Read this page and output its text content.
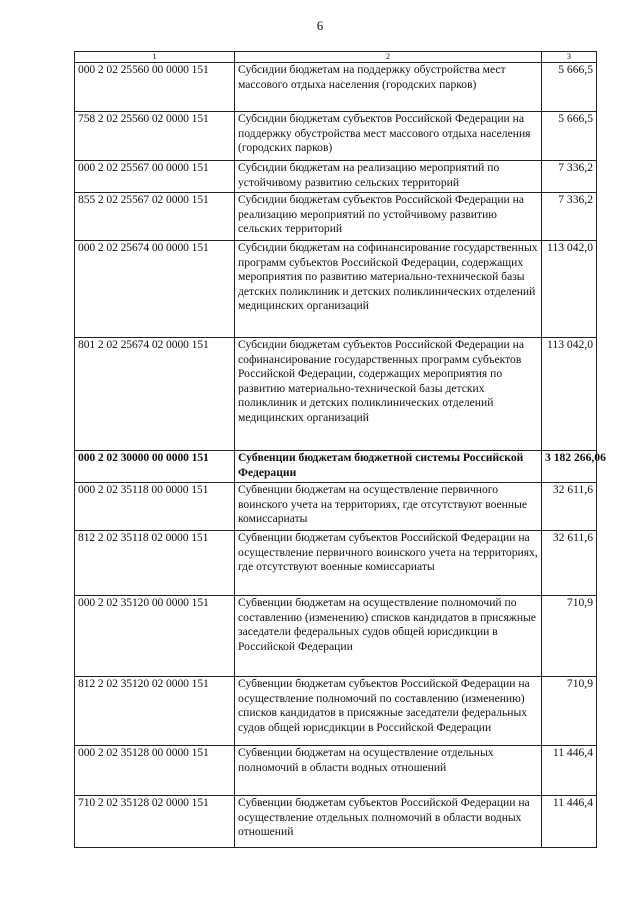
6
1	2	3
000 2 02 25560 00 0000 151	Субсидии бюджетам на поддержку обустройства мест массового отдыха населения (городских парков)	5 666,5
758 2 02 25560 02 0000 151	Субсидии бюджетам субъектов Российской Федерации на поддержку обустройства мест массового отдыха населения (городских парков)	5 666,5
000 2 02 25567 00 0000 151	Субсидии бюджетам на реализацию мероприятий по устойчивому развитию сельских территорий	7 336,2
855 2 02 25567 02 0000 151	Субсидии бюджетам субъектов Российской Федерации на реализацию мероприятий по устойчивому развитию сельских территорий	7 336,2
000 2 02 25674 00 0000 151	Субсидии бюджетам на софинансирование государственных программ субъектов Российской Федерации, содержащих мероприятия по развитию материально-технической базы детских поликлиник и детских поликлинических отделений медицинских организаций	113 042,0
801 2 02 25674 02 0000 151	Субсидии бюджетам субъектов Российской Федерации на софинансирование государственных программ субъектов Российской Федерации, содержащих мероприятия по развитию материально-технической базы детских поликлиник и детских поликлинических отделений медицинских организаций	113 042,0
000 2 02 30000 00 0000 151	Субвенции бюджетам бюджетной системы Российской Федерации	3 182 266,06
000 2 02 35118 00 0000 151	Субвенции бюджетам на осуществление первичного воинского учета на территориях, где отсутствуют военные комиссариаты	32 611,6
812 2 02 35118 02 0000 151	Субвенции бюджетам субъектов Российской Федерации на осуществление первичного воинского учета на территориях, где отсутствуют военные комиссариаты	32 611,6
000 2 02 35120 00 0000 151	Субвенции бюджетам на осуществление полномочий по составлению (изменению) списков кандидатов в присяжные заседатели федеральных судов общей юрисдикции в Российской Федерации	710,9
812 2 02 35120 02 0000 151	Субвенции бюджетам субъектов Российской Федерации на осуществление полномочий по составлению (изменению) списков кандидатов в присяжные заседатели федеральных судов общей юрисдикции в Российской Федерации	710,9
000 2 02 35128 00 0000 151	Субвенции бюджетам на осуществление отдельных полномочий в области водных отношений	11 446,4
710 2 02 35128 02 0000 151	Субвенции бюджетам субъектов Российской Федерации на осуществление отдельных полномочий в области водных отношений	11 446,4
